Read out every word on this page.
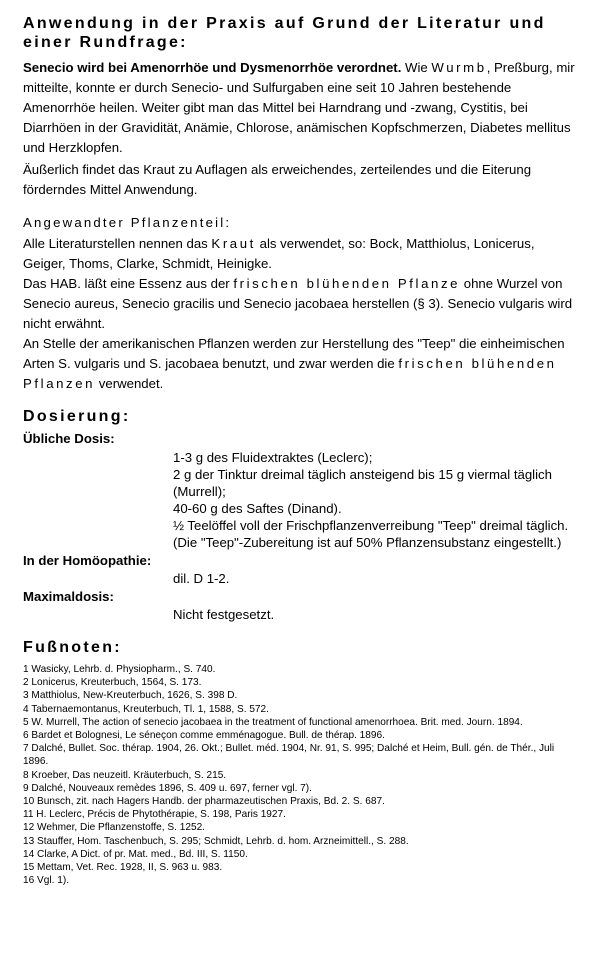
Anwendung in der Praxis auf Grund der Literatur und einer Rundfrage:

Senecio wird bei Amenorrhöe und Dysmenorrhöe verordnet. Wie Wurmb, Preßburg, mir mitteilte, konnte er durch Senecio- und Sulfurgaben eine seit 10 Jahren bestehende Amenorrhöe heilen. Weiter gibt man das Mittel bei Harndrang und -zwang, Cystitis, bei Diarrhöen in der Gravidität, Anämie, Chlorose, anämischen Kopfschmerzen, Diabetes mellitus und Herzklopfen.

Äußerlich findet das Kraut zu Auflagen als erweichendes, zerteilendes und die Eiterung förderndes Mittel Anwendung.

Angewandter Pflanzenteil:

Alle Literaturstellen nennen das Kraut als verwendet, so: Bock, Matthiolus, Lonicerus, Geiger, Thoms, Clarke, Schmidt, Heinigke.

Das HAB. läßt eine Essenz aus der frischen blühenden Pflanze ohne Wurzel von Senecio aureus, Senecio gracilis und Senecio jacobaea herstellen (§ 3). Senecio vulgaris wird nicht erwähnt.

An Stelle der amerikanischen Pflanzen werden zur Herstellung des "Teep" die einheimischen Arten S. vulgaris und S. jacobaea benutzt, und zwar werden die frischen blühenden Pflanzen verwendet.

Dosierung:

Übliche Dosis:

1-3 g des Fluidextraktes (Leclerc);

2 g der Tinktur dreimal täglich ansteigend bis 15 g viermal täglich (Murrell);

40-60 g des Saftes (Dinand).

½ Teelöffel voll der Frischpflanzenverreibung "Teep" dreimal täglich.

(Die "Teep"-Zubereitung ist auf 50% Pflanzensubstanz eingestellt.)

In der Homöopathie:

dil. D 1-2.

Maximaldosis:

Nicht festgesetzt.

Fußnoten:

1 Wasicky, Lehrb. d. Physiopharm., S. 740.

2 Lonicerus, Kreuterbuch, 1564, S. 173.

3 Matthiolus, New-Kreuterbuch, 1626, S. 398 D.

4 Tabernaemontanus, Kreuterbuch, Tl. 1, 1588, S. 572.

5 W. Murrell, The action of senecio jacobaea in the treatment of functional amenorrhoea. Brit. med. Journ. 1894.

6 Bardet et Bolognesi, Le séneçon comme emménagogue. Bull. de thérap. 1896.

7 Dalché, Bullet. Soc. thérap. 1904, 26. Okt.; Bullet. méd. 1904, Nr. 91, S. 995; Dalché et Heim, Bull. gén. de Thér., Juli 1896.

8 Kroeber, Das neuzeitl. Kräuterbuch, S. 215.

9 Dalché, Nouveaux remèdes 1896, S. 409 u. 697, ferner vgl. 7).

10 Bunsch, zit. nach Hagers Handb. der pharmazeutischen Praxis, Bd. 2. S. 687.

11 H. Leclerc, Précis de Phytothérapie, S. 198, Paris 1927.

12 Wehmer, Die Pflanzenstoffe, S. 1252.

13 Stauffer, Hom. Taschenbuch, S. 295; Schmidt, Lehrb. d. hom. Arzneimittell., S. 288.

14 Clarke, A Dict. of pr. Mat. med., Bd. III, S. 1150.

15 Mettam, Vet. Rec. 1928, II, S. 963 u. 983.

16 Vgl. 1).
